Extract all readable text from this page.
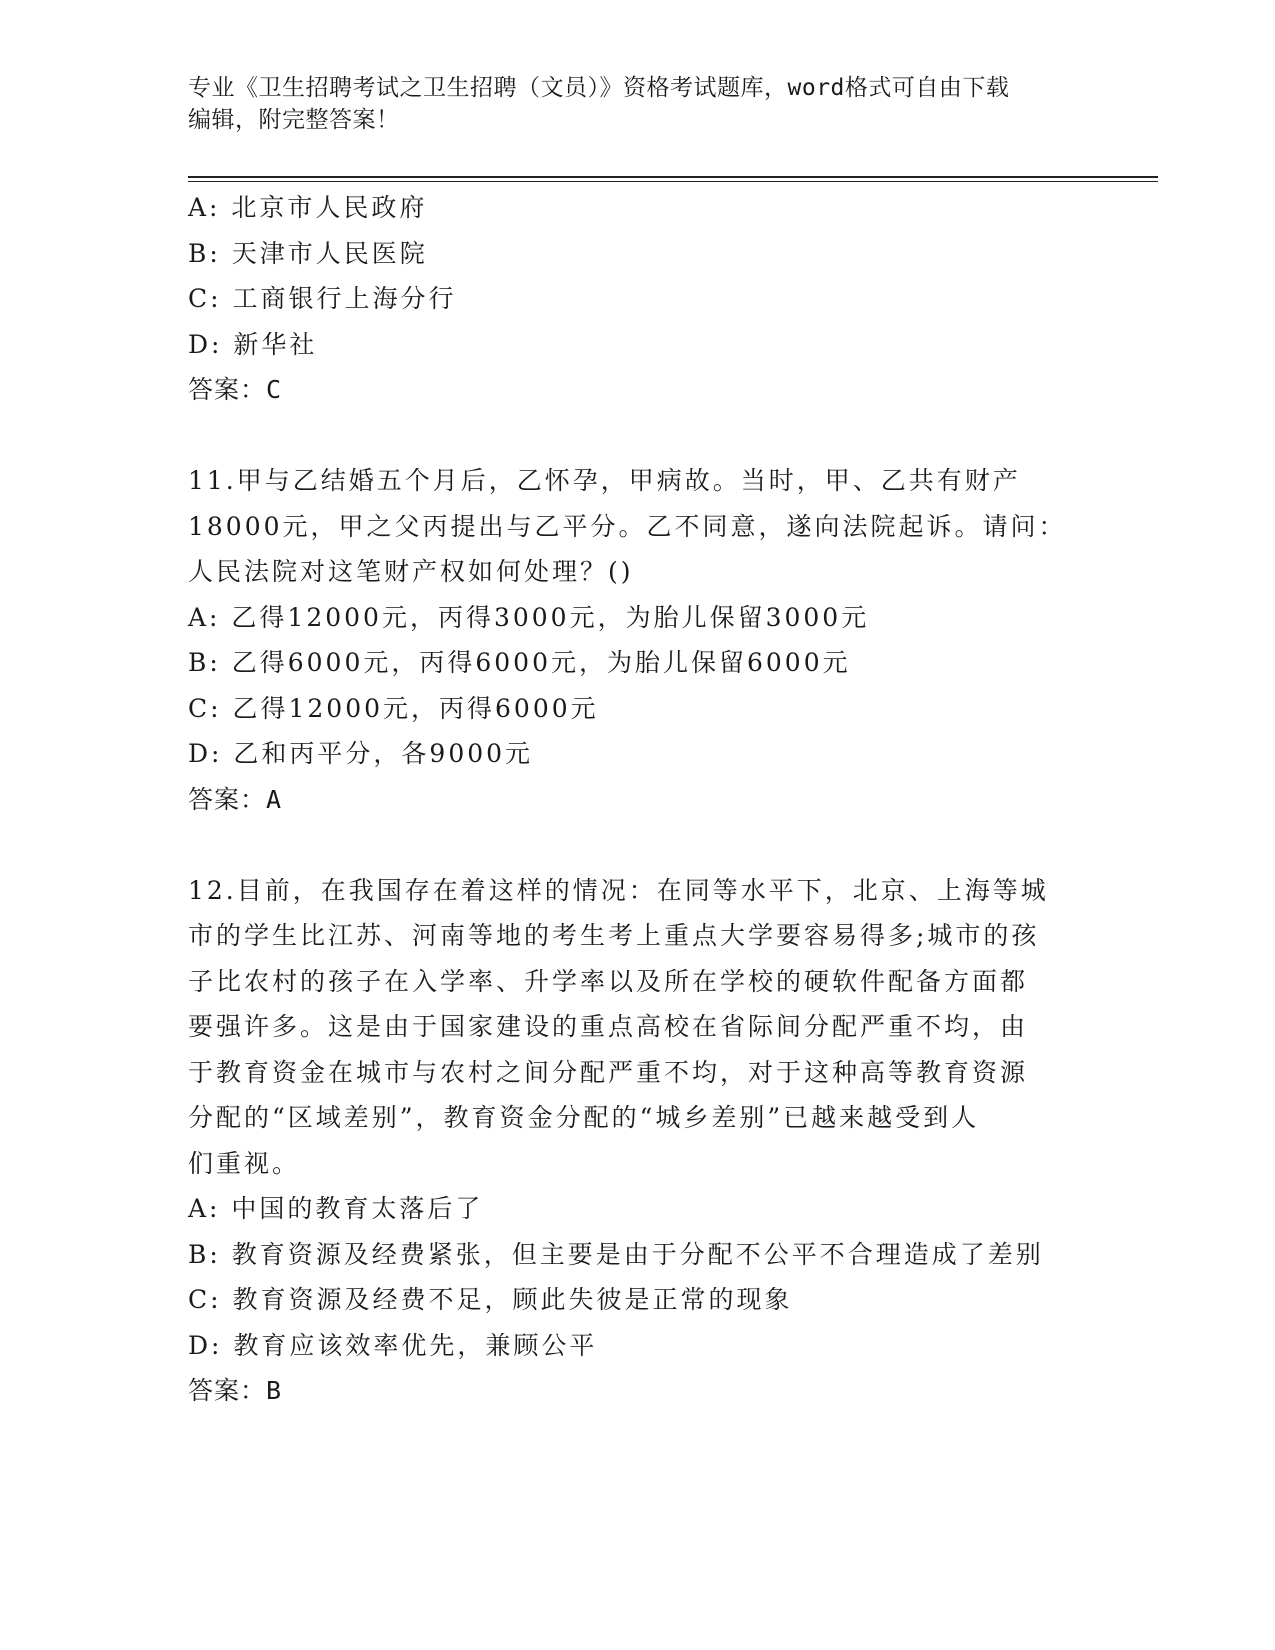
专业《卫生招聘考试之卫生招聘（文员）》资格考试题库，word格式可自由下载
编辑，附完整答案！
A: 北京市人民政府
B: 天津市人民医院
C: 工商银行上海分行
D: 新华社
答案：C
11.甲与乙结婚五个月后，乙怀孕，甲病故。当时，甲、乙共有财产
18000元，甲之父丙提出与乙平分。乙不同意，遂向法院起诉。请问：
人民法院对这笔财产权如何处理？()
A: 乙得12000元，丙得3000元，为胎儿保留3000元
B: 乙得6000元，丙得6000元，为胎儿保留6000元
C: 乙得12000元，丙得6000元
D: 乙和丙平分，各9000元
答案：A
12.目前，在我国存在着这样的情况：在同等水平下，北京、上海等城
市的学生比江苏、河南等地的考生考上重点大学要容易得多;城市的孩
子比农村的孩子在入学率、升学率以及所在学校的硬软件配备方面都
要强许多。这是由于国家建设的重点高校在省际间分配严重不均，由
于教育资金在城市与农村之间分配严重不均，对于这种高等教育资源
分配的“区域差别”，教育资金分配的“城乡差别”已越来越受到人
们重视。
A: 中国的教育太落后了
B: 教育资源及经费紧张，但主要是由于分配不公平不合理造成了差别
C: 教育资源及经费不足，顾此失彼是正常的现象
D: 教育应该效率优先，兼顾公平
答案：B
